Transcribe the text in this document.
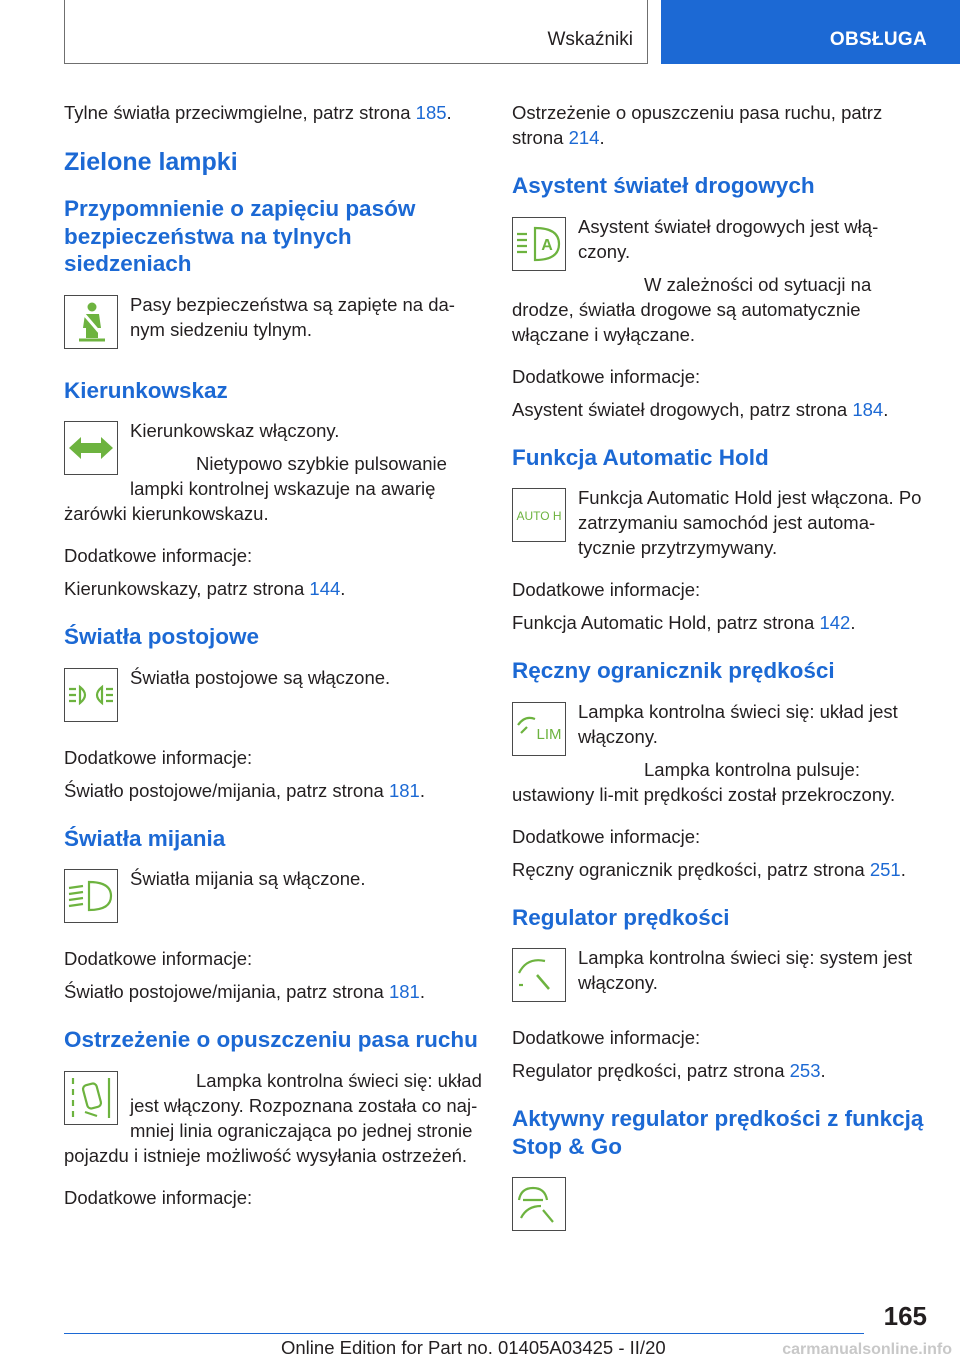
Wskaźniki	OBSŁUGA

Tylne światła przeciwmgielne, patrz strona 185.

Zielone lampki
Przypomnienie o zapięciu pasów bezpieczeństwa na tylnych siedzeniach

Pasy bezpieczeństwa są zapięte na da-nym siedzeniu tylnym.

Kierunkowskaz

Kierunkowskaz włączony.

Nietypowo szybkie pulsowanie lampki kontrolnej wskazuje na awarię żarówki kierunkowskazu.

Dodatkowe informacje:

Kierunkowskazy, patrz strona 144.

Światła postojowe

Światła postojowe są włączone.

Dodatkowe informacje:

Światło postojowe/mijania, patrz strona 181.

Światła mijania

Światła mijania są włączone.

Dodatkowe informacje:

Światło postojowe/mijania, patrz strona 181.

Ostrzeżenie o opuszczeniu pasa ruchu

Lampka kontrolna świeci się: układ jest włączony. Rozpoznana została co naj-mniej linia ograniczająca po jednej stronie pojazdu i istnieje możliwość wysyłania ostrzeżeń.

Dodatkowe informacje:

Ostrzeżenie o opuszczeniu pasa ruchu, patrz strona 214.

Asystent świateł drogowych
A

Asystent świateł drogowych jest włą-czony.

W zależności od sytuacji na drodze, światła drogowe są automatycznie włączane i wyłączane.

Dodatkowe informacje:

Asystent świateł drogowych, patrz strona 184.

Funkcja Automatic Hold
AUTO H

Funkcja Automatic Hold jest włączona. Po zatrzymaniu samochód jest automa-tycznie przytrzymywany.

Dodatkowe informacje:

Funkcja Automatic Hold, patrz strona 142.

Ręczny ogranicznik prędkości
LIM

Lampka kontrolna świeci się: układ jest włączony.

Lampka kontrolna pulsuje: ustawiony li-mit prędkości został przekroczony.

Dodatkowe informacje:

Ręczny ogranicznik prędkości, patrz strona 251.

Regulator prędkości

Lampka kontrolna świeci się: system jest włączony.

Dodatkowe informacje:

Regulator prędkości, patrz strona 253.

Aktywny regulator prędkości z funkcją Stop & Go
165
Online Edition for Part no. 01405A03425 - II/20	carmanualsonline.info
